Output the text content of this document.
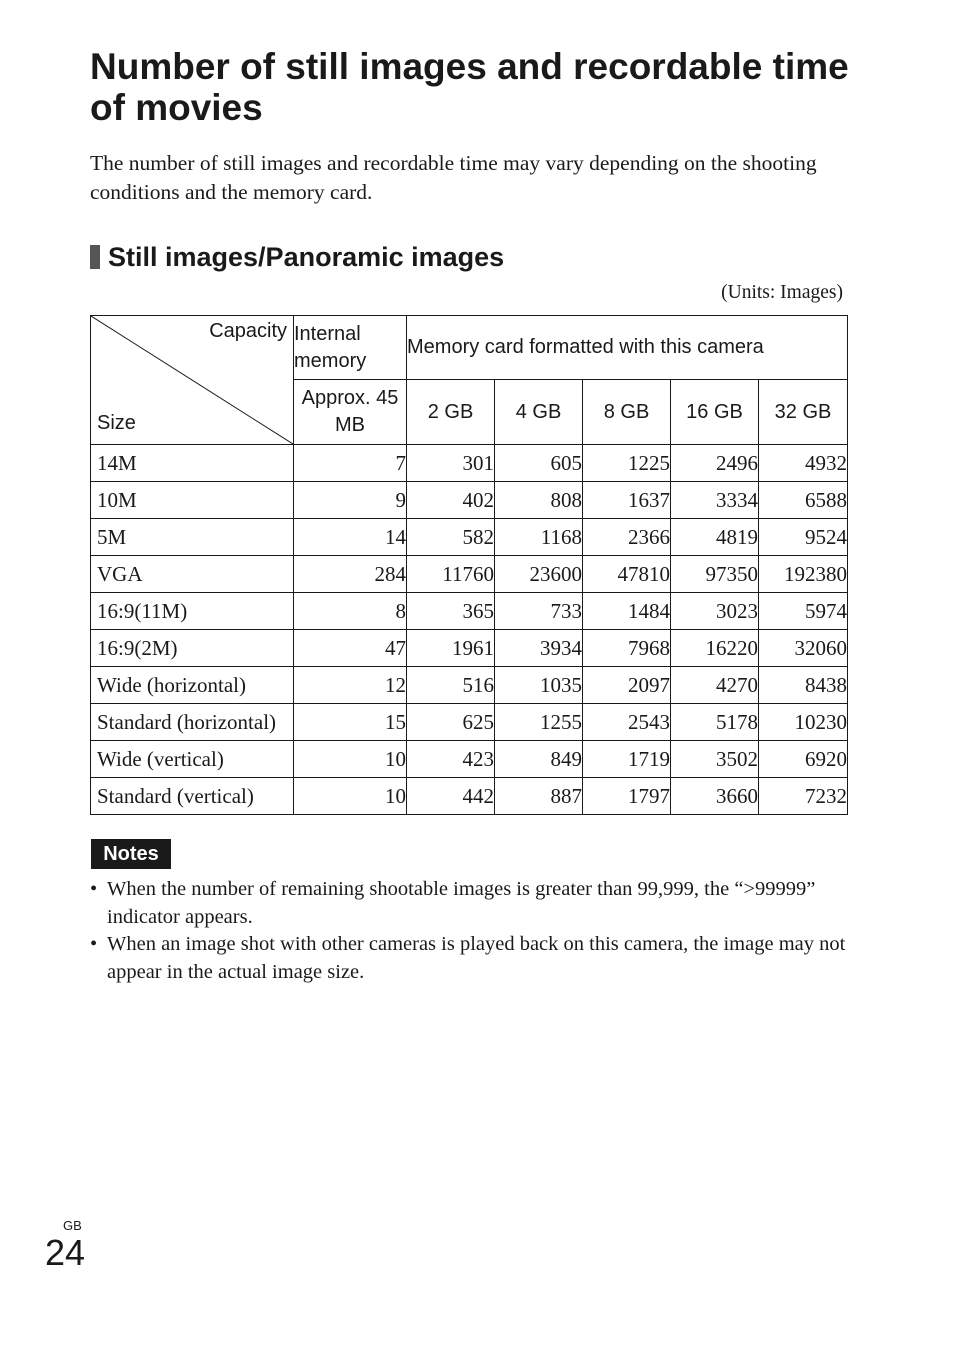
Number of still images and recordable time of movies

The number of still images and recordable time may vary depending on the shooting conditions and the memory card.

Still images/Panoramic images
(Units: Images)
Capacity
Size	Internal memory	Memory card formatted with this camera				
	Approx. 45 MB	2 GB	4 GB	8 GB	16 GB	32 GB
14M	7	301	605	1225	2496	4932
10M	9	402	808	1637	3334	6588
5M	14	582	1168	2366	4819	9524
VGA	284	11760	23600	47810	97350	192380
16:9(11M)	8	365	733	1484	3023	5974
16:9(2M)	47	1961	3934	7968	16220	32060
Wide (horizontal)	12	516	1035	2097	4270	8438
Standard (horizontal)	15	625	1255	2543	5178	10230
Wide (vertical)	10	423	849	1719	3502	6920
Standard (vertical)	10	442	887	1797	3660	7232
Notes
• When the number of remaining shootable images is greater than 99,999, the “>99999” indicator appears.
• When an image shot with other cameras is played back on this camera, the image may not appear in the actual image size.
GB
24
